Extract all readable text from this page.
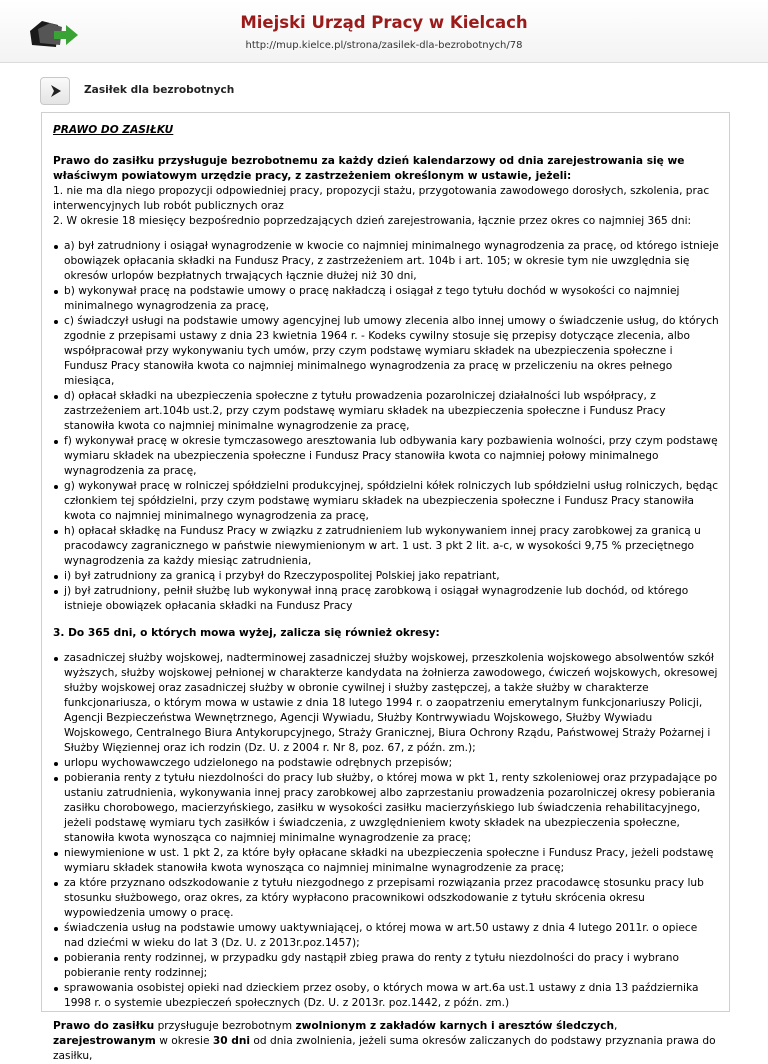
Miejski Urząd Pracy w Kielcach
http://mup.kielce.pl/strona/zasilek-dla-bezrobotnych/78
Zasiłek dla bezrobotnych
PRAWO DO ZASIŁKU

Prawo do zasiłku przysługuje bezrobotnemu za każdy dzień kalendarzowy od dnia zarejestrowania się we właściwym powiatowym urzędzie pracy, z zastrzeżeniem określonym w ustawie, jeżeli:

1. nie ma dla niego propozycji odpowiedniej pracy, propozycji stażu, przygotowania zawodowego dorosłych, szkolenia, prac interwencyjnych lub robót publicznych oraz

2. W okresie 18 miesięcy bezpośrednio poprzedzających dzień zarejestrowania, łącznie przez okres co najmniej 365 dni:

a) był zatrudniony i osiągał wynagrodzenie w kwocie co najmniej minimalnego wynagrodzenia za pracę, od którego istnieje obowiązek opłacania składki na Fundusz Pracy, z zastrzeżeniem art. 104b i art. 105; w okresie tym nie uwzględnia się okresów urlopów bezpłatnych trwających łącznie dłużej niż 30 dni,
b) wykonywał pracę na podstawie umowy o pracę nakładczą i osiągał z tego tytułu dochód w wysokości co najmniej minimalnego wynagrodzenia za pracę,
c) świadczył usługi na podstawie umowy agencyjnej lub umowy zlecenia albo innej umowy o świadczenie usług, do których zgodnie z przepisami ustawy z dnia 23 kwietnia 1964 r. - Kodeks cywilny stosuje się przepisy dotyczące zlecenia, albo współpracował przy wykonywaniu tych umów, przy czym podstawę wymiaru składek na ubezpieczenia społeczne i Fundusz Pracy stanowiła kwota co najmniej minimalnego wynagrodzenia za pracę w przeliczeniu na okres pełnego miesiąca,
d) opłacał składki na ubezpieczenia społeczne z tytułu prowadzenia pozarolniczej działalności lub współpracy, z zastrzeżeniem art.104b ust.2, przy czym podstawę wymiaru składek na ubezpieczenia społeczne i Fundusz Pracy stanowiła kwota co najmniej minimalne wynagrodzenie za pracę,
f) wykonywał pracę w okresie tymczasowego aresztowania lub odbywania kary pozbawienia wolności, przy czym podstawę wymiaru składek na ubezpieczenia społeczne i Fundusz Pracy stanowiła kwota co najmniej połowy minimalnego wynagrodzenia za pracę,
g) wykonywał pracę w rolniczej spółdzielni produkcyjnej, spółdzielni kółek rolniczych lub spółdzielni usług rolniczych, będąc członkiem tej spółdzielni, przy czym podstawę wymiaru składek na ubezpieczenia społeczne i Fundusz Pracy stanowiła kwota co najmniej minimalnego wynagrodzenia za pracę,
h) opłacał składkę na Fundusz Pracy w związku z zatrudnieniem lub wykonywaniem innej pracy zarobkowej za granicą u pracodawcy zagranicznego w państwie niewymienionym w art. 1 ust. 3 pkt 2 lit. a-c, w wysokości 9,75 % przeciętnego wynagrodzenia za każdy miesiąc zatrudnienia,
i) był zatrudniony za granicą i przybył do Rzeczypospolitej Polskiej jako repatriant,
j) był zatrudniony, pełnił służbę lub wykonywał inną pracę zarobkową i osiągał wynagrodzenie lub dochód, od którego istnieje obowiązek opłacania składki na Fundusz Pracy
3. Do 365 dni, o których mowa wyżej, zalicza się również okresy:
zasadniczej służby wojskowej, nadterminowej zasadniczej służby wojskowej, przeszkolenia wojskowego absolwentów szkół wyższych, służby wojskowej pełnionej w charakterze kandydata na żołnierza zawodowego, ćwiczeń wojskowych, okresowej służby wojskowej oraz zasadniczej służby w obronie cywilnej i służby zastępczej, a także służby w charakterze funkcjonariusza, o którym mowa w ustawie z dnia 18 lutego 1994 r. o zaopatrzeniu emerytalnym funkcjonariuszy Policji, Agencji Bezpieczeństwa Wewnętrznego, Agencji Wywiadu, Służby Kontrwywiadu Wojskowego, Służby Wywiadu Wojskowego, Centralnego Biura Antykorupcyjnego, Straży Granicznej, Biura Ochrony Rządu, Państwowej Straży Pożarnej i Służby Więziennej oraz ich rodzin (Dz. U. z 2004 r. Nr 8, poz. 67, z późn. zm.);
urlopu wychowawczego udzielonego na podstawie odrębnych przepisów;
pobierania renty z tytułu niezdolności do pracy lub służby, o której mowa w pkt 1, renty szkoleniowej oraz przypadające po ustaniu zatrudnienia, wykonywania innej pracy zarobkowej albo zaprzestaniu prowadzenia pozarolniczej okresy pobierania zasiłku chorobowego, macierzyńskiego, zasiłku w wysokości zasiłku macierzyńskiego lub świadczenia rehabilitacyjnego, jeżeli podstawę wymiaru tych zasiłków i świadczenia, z uwzględnieniem kwoty składek na ubezpieczenia społeczne, stanowiła kwota wynosząca co najmniej minimalne wynagrodzenie za pracę;
niewymienione w ust. 1 pkt 2, za które były opłacane składki na ubezpieczenia społeczne i Fundusz Pracy, jeżeli podstawę wymiaru składek stanowiła kwota wynosząca co najmniej minimalne wynagrodzenie za pracę;
za które przyznano odszkodowanie z tytułu niezgodnego z przepisami rozwiązania przez pracodawcę stosunku pracy lub stosunku służbowego, oraz okres, za który wypłacono pracownikowi odszkodowanie z tytułu skrócenia okresu wypowiedzenia umowy o pracę.
świadczenia usług na podstawie umowy uaktywniającej, o której mowa w art.50 ustawy z dnia 4 lutego 2011r. o opiece nad dziećmi w wieku do lat 3 (Dz. U. z 2013r.poz.1457);
pobierania renty rodzinnej, w przypadku gdy nastąpił zbieg prawa do renty z tytułu niezdolności do pracy i wybrano pobieranie renty rodzinnej;
sprawowania osobistej opieki nad dzieckiem przez osoby, o których mowa w art.6a ust.1 ustawy z dnia 13 października 1998 r. o systemie ubezpieczeń społecznych (Dz. U. z 2013r. poz.1442, z późn. zm.)

Prawo do zasiłku przysługuje bezrobotnym zwolnionym z zakładów karnych i aresztów śledczych, zarejestrowanym w okresie 30 dni od dnia zwolnienia, jeżeli suma okresów zaliczanych do podstawy przyznania prawa do zasiłku,
